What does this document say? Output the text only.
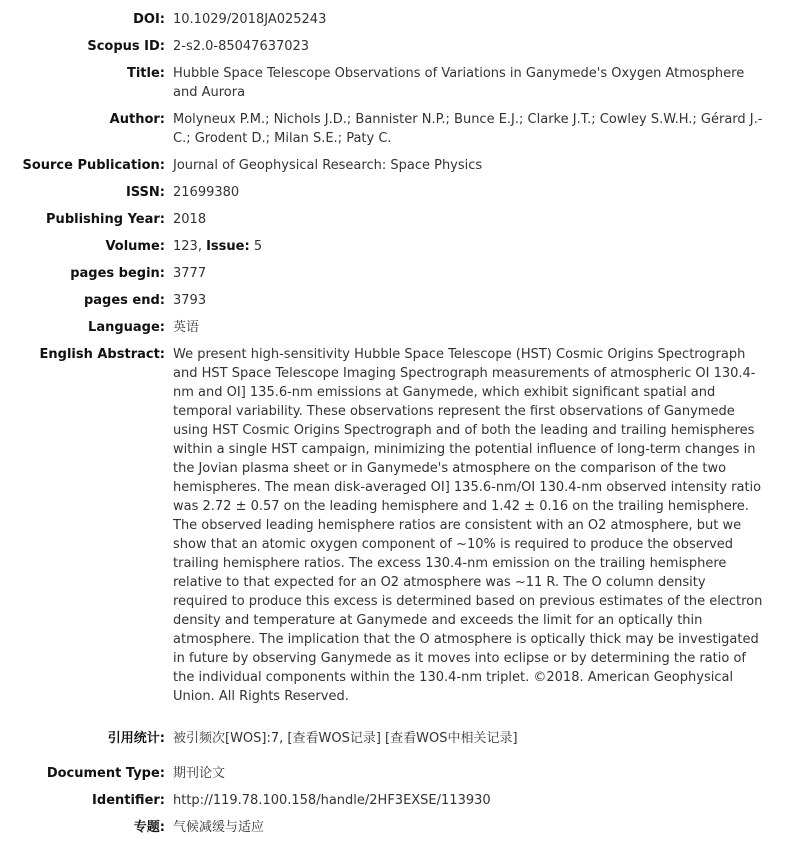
DOI: 10.1029/2018JA025243
Scopus ID: 2-s2.0-85047637023
Title: Hubble Space Telescope Observations of Variations in Ganymede's Oxygen Atmosphere and Aurora
Author: Molyneux P.M.; Nichols J.D.; Bannister N.P.; Bunce E.J.; Clarke J.T.; Cowley S.W.H.; Gérard J.-C.; Grodent D.; Milan S.E.; Paty C.
Source Publication: Journal of Geophysical Research: Space Physics
ISSN: 21699380
Publishing Year: 2018
Volume: 123, Issue: 5
pages begin: 3777
pages end: 3793
Language: 英语
English Abstract: We present high-sensitivity Hubble Space Telescope (HST) Cosmic Origins Spectrograph and HST Space Telescope Imaging Spectrograph measurements of atmospheric OI 130.4-nm and OI] 135.6-nm emissions at Ganymede, which exhibit significant spatial and temporal variability. These observations represent the first observations of Ganymede using HST Cosmic Origins Spectrograph and of both the leading and trailing hemispheres within a single HST campaign, minimizing the potential influence of long-term changes in the Jovian plasma sheet or in Ganymede's atmosphere on the comparison of the two hemispheres. The mean disk-averaged OI] 135.6-nm/OI 130.4-nm observed intensity ratio was 2.72 ± 0.57 on the leading hemisphere and 1.42 ± 0.16 on the trailing hemisphere. The observed leading hemisphere ratios are consistent with an O2 atmosphere, but we show that an atomic oxygen component of ~10% is required to produce the observed trailing hemisphere ratios. The excess 130.4-nm emission on the trailing hemisphere relative to that expected for an O2 atmosphere was ~11 R. The O column density required to produce this excess is determined based on previous estimates of the electron density and temperature at Ganymede and exceeds the limit for an optically thin atmosphere. The implication that the O atmosphere is optically thick may be investigated in future by observing Ganymede as it moves into eclipse or by determining the ratio of the individual components within the 130.4-nm triplet. ©2018. American Geophysical Union. All Rights Reserved.
引用统计: 被引频次[WOS]:7, [查看WOS记录] [查看WOS中相关记录]
Document Type: 期刊论文
Identifier: http://119.78.100.158/handle/2HF3EXSE/113930
专题: 气候减缓与适应
